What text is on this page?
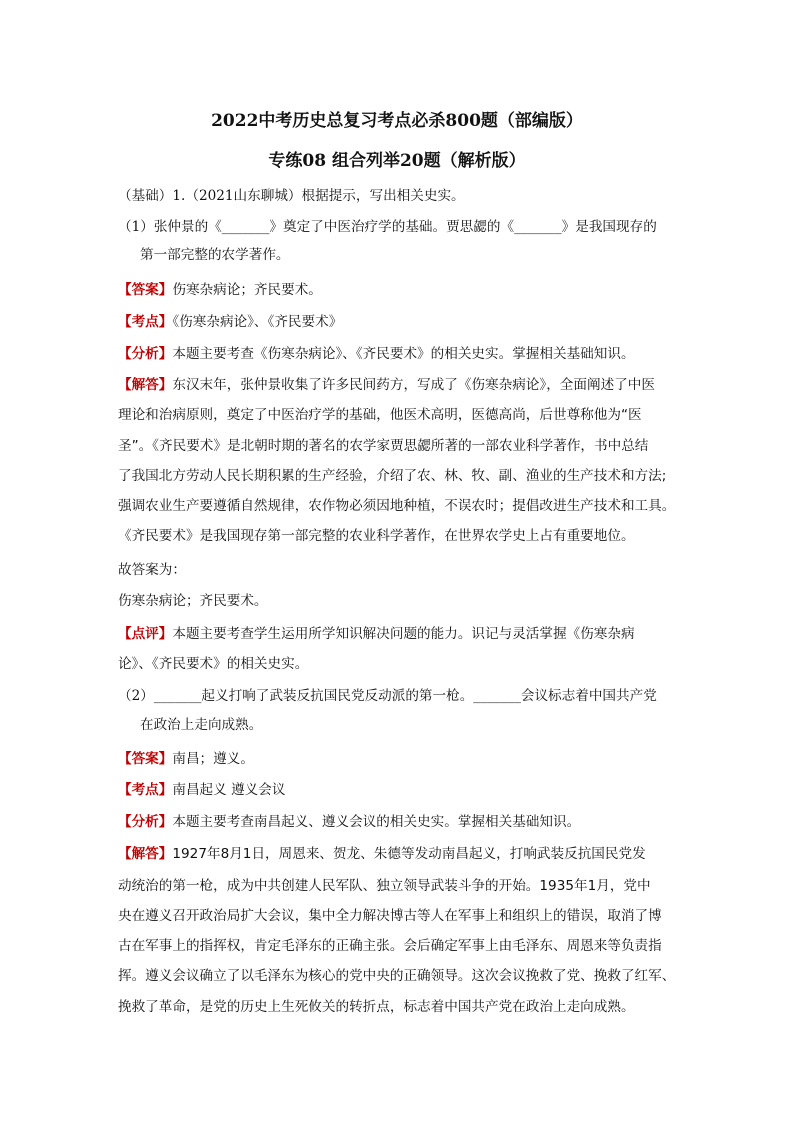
2022中考历史总复习考点必杀800题（部编版）
专练08 组合列举20题（解析版）
（基础）1.（2021山东聊城）根据提示，写出相关史实。
（1）张仲景的《_______》奠定了中医治疗学的基础。贾思勰的《_______》是我国现存的
第一部完整的农学著作。
【答案】伤寒杂病论；齐民要术。
【考点】《伤寒杂病论》、《齐民要术》
【分析】本题主要考查《伤寒杂病论》、《齐民要术》的相关史实。掌握相关基础知识。
【解答】东汉末年，张仲景收集了许多民间药方，写成了《伤寒杂病论》，全面阐述了中医
理论和治病原则，奠定了中医治疗学的基础，他医术高明，医德高尚，后世尊称他为“医
圣”。《齐民要术》是北朝时期的著名的农学家贾思勰所著的一部农业科学著作，书中总结
了我国北方劳动人民长期积累的生产经验，介绍了农、林、牧、副、渔业的生产技术和方法;
强调农业生产要遵循自然规律，农作物必须因地种植，不误农时；提倡改进生产技术和工具。
《齐民要术》是我国现存第一部完整的农业科学著作，在世界农学史上占有重要地位。
故答案为：
伤寒杂病论；齐民要术。
【点评】本题主要考查学生运用所学知识解决问题的能力。识记与灵活掌握《伤寒杂病
论》、《齐民要术》的相关史实。
（2）_______起义打响了武装反抗国民党反动派的第一枪。_______会议标志着中国共产党
在政治上走向成熟。
【答案】南昌；遵义。
【考点】南昌起义 遵义会议
【分析】本题主要考查南昌起义、遵义会议的相关史实。掌握相关基础知识。
【解答】1927年8月1日，周恩来、贺龙、朱德等发动南昌起义，打响武装反抗国民党发
动统治的第一枪，成为中共创建人民军队、独立领导武装斗争的开始。1935年1月，党中
央在遵义召开政治局扩大会议，集中全力解决博古等人在军事上和组织上的错误，取消了博
古在军事上的指挥权，肯定毛泽东的正确主张。会后确定军事上由毛泽东、周恩来等负责指
挥。遵义会议确立了以毛泽东为核心的党中央的正确领导。这次会议挽救了党、挽救了红军、
挽救了革命，是党的历史上生死攸关的转折点，标志着中国共产党在政治上走向成熟。
